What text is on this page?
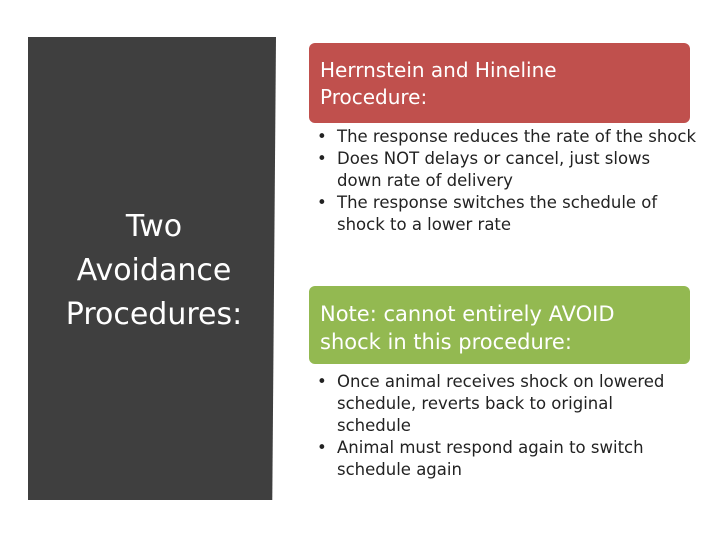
Two
Avoidance
Procedures:
Herrnstein and Hineline
Procedure:
• The response reduces the rate of the shock
• Does NOT delays or cancel, just slows down rate of delivery
• The response switches the schedule of shock to a lower rate
Note: cannot entirely AVOID
shock in this procedure:
• Once animal receives shock on lowered schedule, reverts back to original schedule
• Animal must respond again to switch schedule again
